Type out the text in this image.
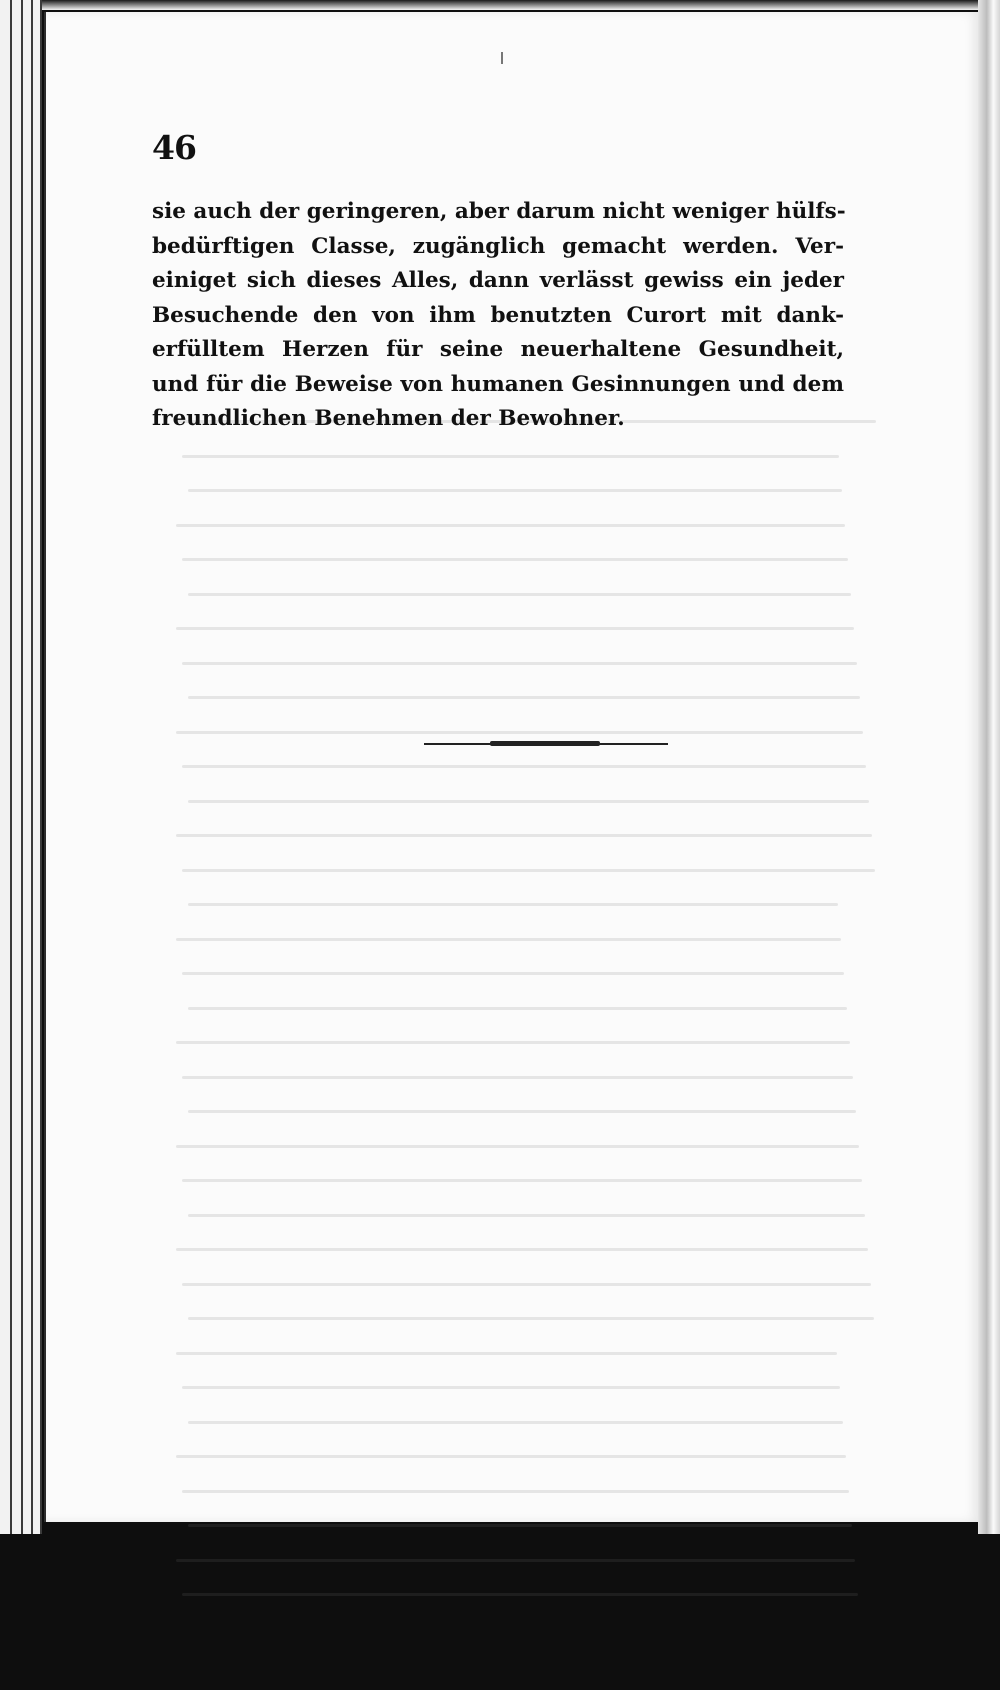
46
sie auch der geringeren, aber darum nicht weniger hülfs-
bedürftigen Classe, zugänglich gemacht werden. Ver-
einiget sich dieses Alles, dann verlässt gewiss ein jeder
Besuchende den von ihm benutzten Curort mit dank-
erfülltem Herzen für seine neuerhaltene Gesundheit,
und für die Beweise von humanen Gesinnungen und dem
freundlichen Benehmen der Bewohner.
